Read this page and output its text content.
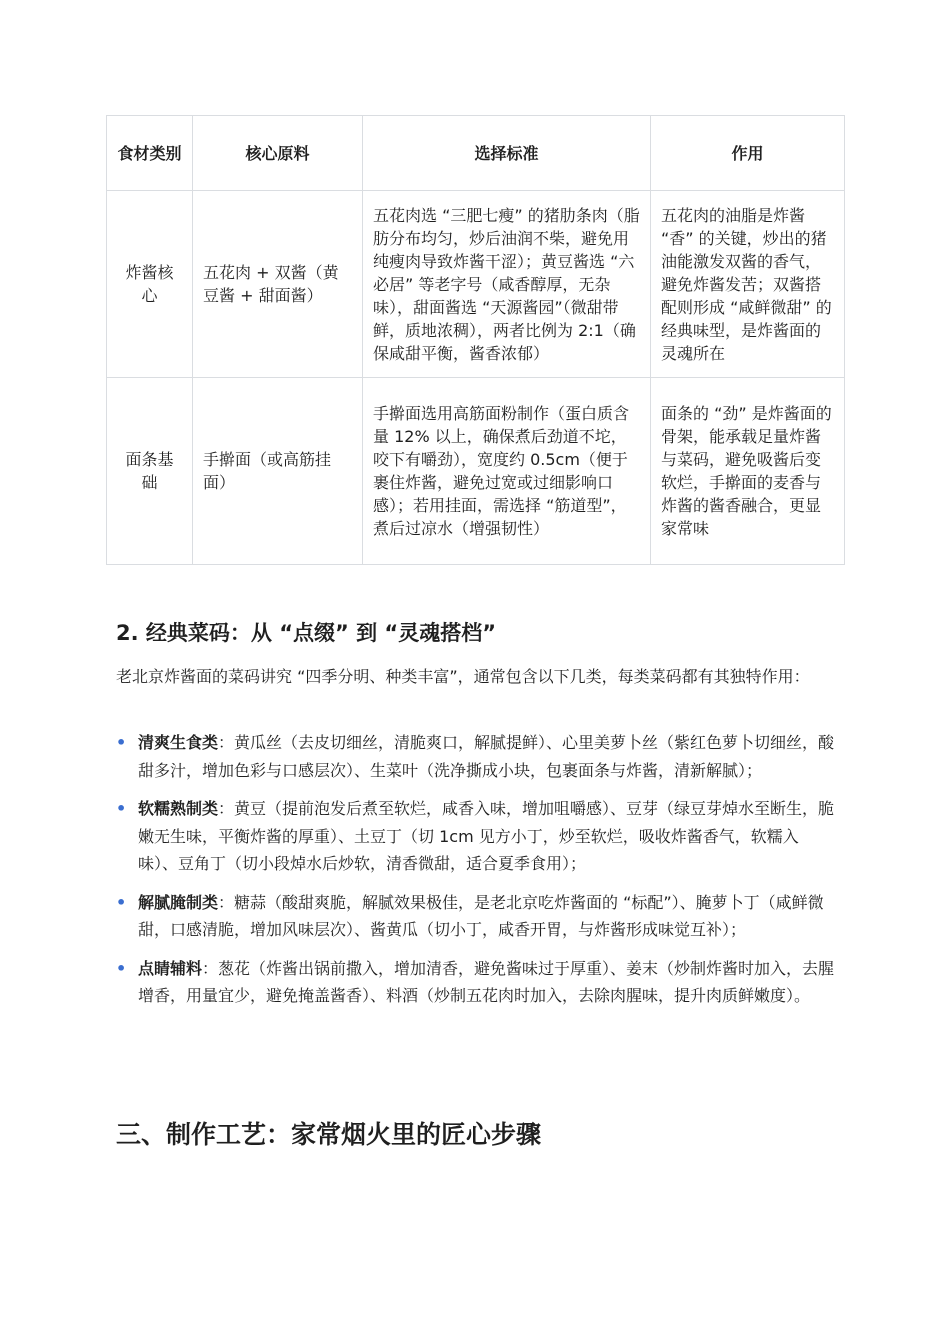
食材类别	核心原料	选择标准	作用
炸酱核心	五花肉 + 双酱（黄豆酱 + 甜面酱）	五花肉选 “三肥七瘦” 的猪肋条肉（脂肪分布均匀，炒后油润不柴，避免用纯瘦肉导致炸酱干涩）；黄豆酱选 “六必居” 等老字号（咸香醇厚，无杂味），甜面酱选 “天源酱园”（微甜带鲜，质地浓稠），两者比例为 2:1（确保咸甜平衡，酱香浓郁）	五花肉的油脂是炸酱 “香” 的关键，炒出的猪油能激发双酱的香气，避免炸酱发苦；双酱搭配则形成 “咸鲜微甜” 的经典味型，是炸酱面的灵魂所在
面条基础	手擀面（或高筋挂面）	手擀面选用高筋面粉制作（蛋白质含量 12% 以上，确保煮后劲道不坨，咬下有嚼劲），宽度约 0.5cm（便于裹住炸酱，避免过宽或过细影响口感）；若用挂面，需选择 “筋道型”，煮后过凉水（增强韧性）	面条的 “劲” 是炸酱面的骨架，能承载足量炸酱与菜码，避免吸酱后变软烂，手擀面的麦香与炸酱的酱香融合，更显家常味
2. 经典菜码：从 “点缀” 到 “灵魂搭档”

老北京炸酱面的菜码讲究 “四季分明、种类丰富”，通常包含以下几类，每类菜码都有其独特作用：

• 清爽生食类：黄瓜丝（去皮切细丝，清脆爽口，解腻提鲜）、心里美萝卜丝（紫红色萝卜切细丝，酸甜多汁，增加色彩与口感层次）、生菜叶（洗净撕成小块，包裹面条与炸酱，清新解腻）；
• 软糯熟制类：黄豆（提前泡发后煮至软烂，咸香入味，增加咀嚼感）、豆芽（绿豆芽焯水至断生，脆嫩无生味，平衡炸酱的厚重）、土豆丁（切 1cm 见方小丁，炒至软烂，吸收炸酱香气，软糯入味）、豆角丁（切小段焯水后炒软，清香微甜，适合夏季食用）；
• 解腻腌制类：糖蒜（酸甜爽脆，解腻效果极佳，是老北京吃炸酱面的 “标配”）、腌萝卜丁（咸鲜微甜，口感清脆，增加风味层次）、酱黄瓜（切小丁，咸香开胃，与炸酱形成味觉互补）；
• 点睛辅料：葱花（炸酱出锅前撒入，增加清香，避免酱味过于厚重）、姜末（炒制炸酱时加入，去腥增香，用量宜少，避免掩盖酱香）、料酒（炒制五花肉时加入，去除肉腥味，提升肉质鲜嫩度）。
三、制作工艺：家常烟火里的匠心步骤
